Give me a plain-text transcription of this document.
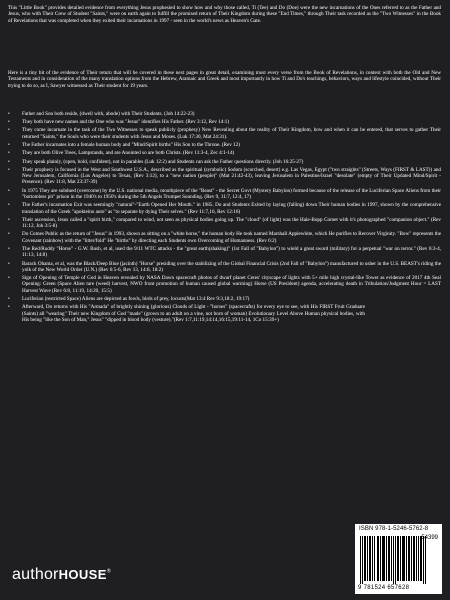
This "Little Book" provides detailed evidence from everything Jesus prophesied to show how and why those called, Ti (Tee) and Do (Doe) were the new incarnations of the Ones referred to as the Father and Jesus, who with Their Crew of Student "Saints," were on earth again to fulfill the promised return of Their Kingdom during these "End Times," through Their task recorded as the "Two Witnesses" in the Book of Revelations that was completed when they exited their incarnations in 1997 - seen in the world's news as Heaven's Gate.

Here is a tiny bit of the evidence of Their return that will be covered in these next pages in great detail, examining most every verse from the Book of Revelations, in context with both the Old and New Testaments and in consideration of the many translation options from the Hebrew, Aramaic and Greek and most importantly in how Ti and Do's teachings, behaviors, ways and lifestyle coincided, without Their trying to do so, as I, Sawyer witnessed as Their student for 19 years.

•	Father and Son both reside, (dwell with, abode) with Their Students. (Joh 14:22-23)
•	They both have new names and the One who was "Jesus" identifies His Father. (Rev 3:12, Rev 14:1)
•	They come incarnate in the task of the Two Witnesses to speak publicly (prophesy) New Revealing about the reality of Their Kingdom, how and when it can be entered, that serves to gather Their returned "Saints," the Souls who were their students with Jesus and Moses. (Luk 17:30, Mat 24:31).
•	The Father incarnates into a female human body and "Mind/Spirit births" His Son to the Throne. (Rev 12)
•	They are both Olive Trees, Lampstands, and are Anointed so are both Christs. (Rev 11:3-4, Zec 4:1-14)
•	They speak plainly, (open, bold, confident), not in parables (Luk 12:2) and Students can ask the Father questions directly. (Joh 16:25-27)
•	Their prophecy is focused in the West and Southwest U.S.A., described as the spiritual (symbolic) Sodom (scorched, desert) e.g. Las Vegas, Egypt ("two straights" (Streets, Ways (FIRST & LAST)) and New Jerusalem, California (Los Angeles) to Texas, (Rev 3:12), to a "new nation (people)" (Mat 21:42-43), leaving Jerusalem in Palestine/Israel "desolate" (empty of Their Updated Mind/Spirit - Presence). (Rev 11:8, Mat 23:37-39)
•	In 1975 They are subdued (overcome) by the U.S. national media, mouthpiece of the "Beast" - the Secret Govt (Mystery Babylon) formed because of the release of the Luciferian Space Aliens from their "bottomless pit" prison in the 1940's to 1950's during the 5th Angels Trumpet Sounding. (Rev 9, 11:7, 12:4, 17)
•	The Father's incarnation Exit was seemingly "natural"-"Earth Opened Her Mouth." in 1985. Do and Students Exited by laying (falling) down Their human bodies in 1997, shown by the comprehensive translation of the Greek "apokteino auto" as "to separate by dying Their selves." (Rev 11:7,16, Rev 12:16)
•	Their ascension, Jesus called a "spirit birth," compared to wind, not seen as physical bodies going up. The "cloud" (of light) was the Hale-Bopp Comet with it's photographed "companion object." (Rev 11:12, Joh 3:5-8)
•	Do Comes Public as the return of "Jesus" in 1993, shown as sitting on a "white horse," the human body He took named Marshall Applewhite, which He purifies to Recover Virginity. "Bow" represents the Covenant (rainbow) with the "litter/fold" He "births" by directing each Students own Overcoming of Humanness. (Rev 6:2)
•	The Red/Ruddy "Horse" - G.W. Bush, et al, used the 9/11 WTC attacks - the "great earth(shaking)" (1st Fall of "Babylon") to wield a great sword (military) for a perpetual "war on terror." (Rev 6:3-4, 11:13, 14:8)
•	Barack Obama, et al, was the Black/Deep Blue (jacinth) "Horse" presiding over the stabilizing of the Global Financial Crisis (2nd Fall of "Babylon") manufactured to usher in the U.S. BEAST's riding the yolk of the New World Order (U.N.) (Rev 6:5-6, Rev 13, 14:8, 18:2)
•	Sign of Opening of Temple of God in Heaven revealed by NASA Dawn spacecraft photos of dwarf planet Ceres' cityscape of lights with 5+ mile high crystal-like Tower as evidence of 2017 4th Seal Opening: Green (Space Alien tare (weed) harvest, NWO front promotion of human caused global warming) Horse (US President) agenda, accelerating death in Tribulation/Judgment Hour = LAST Harvest Wave (Rev 6:8, 11:19, 14:20, 15:5)
•	Luciferian (restricted Space) Aliens are depicted as fowls, birds of prey, locusts(Mat 13:4 Rev 9:3,18:2, 19:17)
•	Afterward, Do returns with His "Armada" of brightly shining (glorious) Clouds of Light - "horses" (spacecrafts) for every eye to see, with His FIRST Fruit Graduate (Saints) all "wearing" Their new Kingdom of God "made" (grown to an adult on a vine, not born of woman) Evolutionary Level Above Human physical bodies, with His being "like the Son of Man," Jesus" "dipped in blood body (vesture)."(Rev 1:7,11:19,14:14,16:15,19:11-14, 1Co 15:39+)
authorHOUSE®
ISBN 978-1-5246-5762-8
54399
9 781524 657628
